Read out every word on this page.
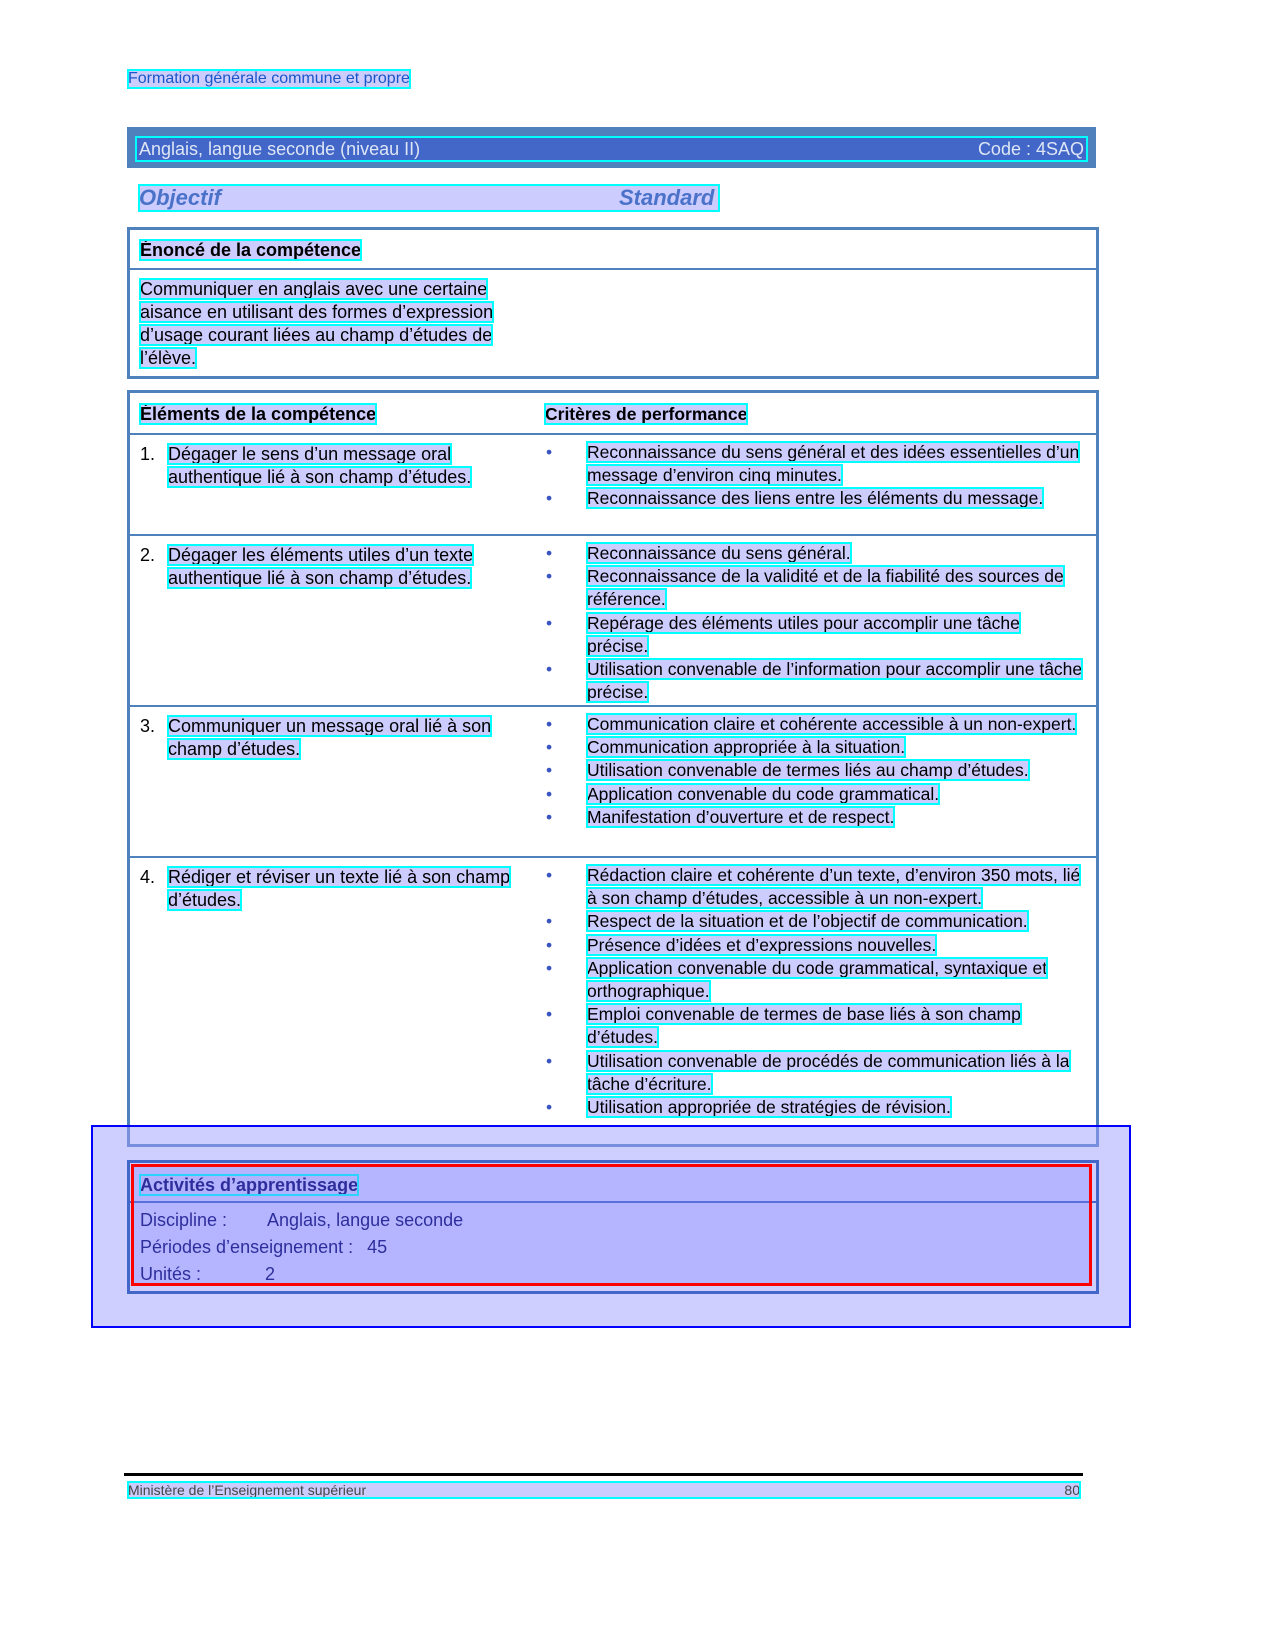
Formation générale commune et propre
Anglais, langue seconde (niveau II)	Code : 4SAQ
Objectif	Standard
Énoncé de la compétence
Communiquer en anglais avec une certaine
aisance en utilisant des formes d’expression
d’usage courant liées au champ d’études de
l’élève.
Éléments de la compétence	Critères de performance
1. Dégager le sens d’un message oral authentique lié à son champ d’études.
• Reconnaissance du sens général et des idées essentielles d’un message d’environ cinq minutes.
• Reconnaissance des liens entre les éléments du message.
2. Dégager les éléments utiles d’un texte authentique lié à son champ d’études.
• Reconnaissance du sens général.
• Reconnaissance de la validité et de la fiabilité des sources de référence.
• Repérage des éléments utiles pour accomplir une tâche précise.
• Utilisation convenable de l’information pour accomplir une tâche précise.
3. Communiquer un message oral lié à son champ d’études.
• Communication claire et cohérente accessible à un non-expert.
• Communication appropriée à la situation.
• Utilisation convenable de termes liés au champ d’études.
• Application convenable du code grammatical.
• Manifestation d’ouverture et de respect.
4. Rédiger et réviser un texte lié à son champ d’études.
• Rédaction claire et cohérente d’un texte, d’environ 350 mots, lié à son champ d’études, accessible à un non-expert.
• Respect de la situation et de l’objectif de communication.
• Présence d’idées et d’expressions nouvelles.
• Application convenable du code grammatical, syntaxique et orthographique.
• Emploi convenable de termes de base liés à son champ d’études.
• Utilisation convenable de procédés de communication liés à la tâche d’écriture.
• Utilisation appropriée de stratégies de révision.
Activités d’apprentissage
Discipline : Anglais, langue seconde
Périodes d’enseignement : 45
Unités :	2
Ministère de l’Enseignement supérieur	80
